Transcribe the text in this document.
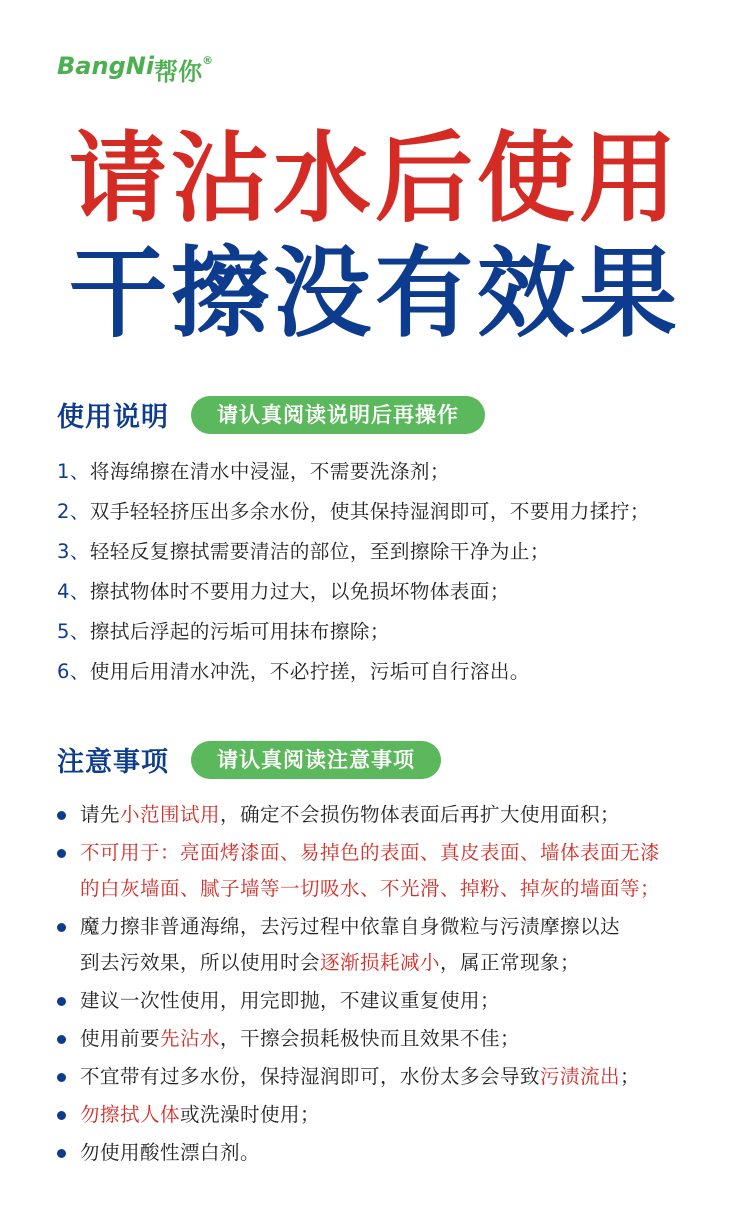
Bang Ni 帮你 ®
请沾水后使用
干擦没有效果
使用说明	请认真阅读说明后再操作
1、将海绵擦在清水中浸湿，不需要洗涤剂；
2、双手轻轻挤压出多余水份，使其保持湿润即可，不要用力揉拧；
3、轻轻反复擦拭需要清洁的部位，至到擦除干净为止；
4、擦拭物体时不要用力过大，以免损坏物体表面；
5、擦拭后浮起的污垢可用抹布擦除；
6、使用后用清水冲洗，不必拧搓，污垢可自行溶出。
注意事项	请认真阅读注意事项
请先小范围试用，确定不会损伤物体表面后再扩大使用面积；
不可用于：亮面烤漆面、易掉色的表面、真皮表面、墙体表面无漆
的白灰墙面、腻子墙等一切吸水、不光滑、掉粉、掉灰的墙面等；
魔力擦非普通海绵，去污过程中依靠自身微粒与污渍摩擦以达
到去污效果，所以使用时会逐渐损耗减小，属正常现象；
建议一次性使用，用完即抛，不建议重复使用；
使用前要先沾水，干擦会损耗极快而且效果不佳；
不宜带有过多水份，保持湿润即可，水份太多会导致污渍流出；
勿擦拭人体或洗澡时使用；
勿使用酸性漂白剂。
